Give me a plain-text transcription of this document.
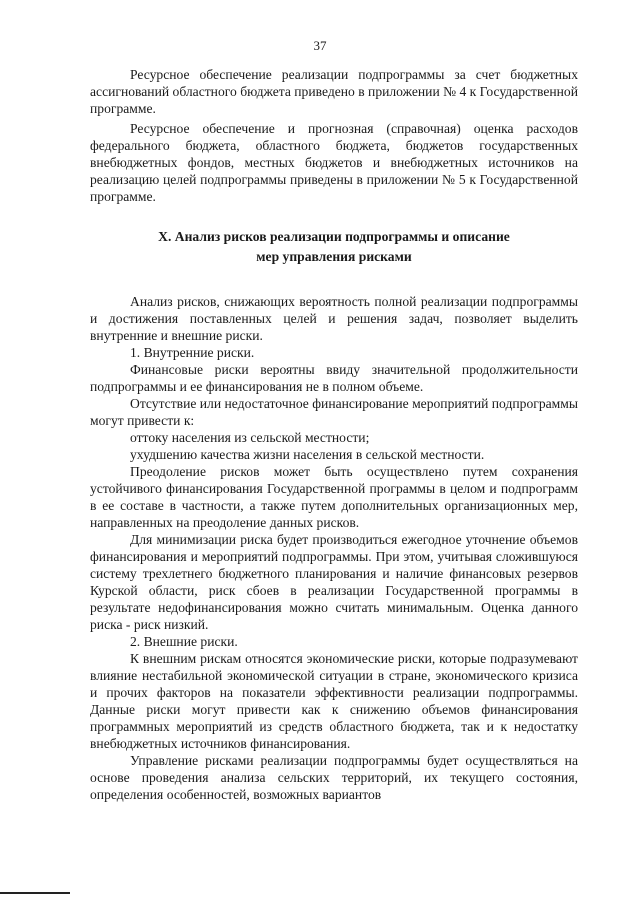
37

Ресурсное обеспечение реализации подпрограммы за счет бюджетных ассигнований областного бюджета приведено в приложении № 4 к Государственной программе.

Ресурсное обеспечение и прогнозная (справочная) оценка расходов федерального бюджета, областного бюджета, бюджетов государственных внебюджетных фондов, местных бюджетов и внебюджетных источников на реализацию целей подпрограммы приведены в приложении № 5 к Государственной программе.

X. Анализ рисков реализации подпрограммы и описание
мер управления рисками

Анализ рисков, снижающих вероятность полной реализации подпрограммы и достижения поставленных целей и решения задач, позволяет выделить внутренние и внешние риски.

1. Внутренние риски.

Финансовые риски вероятны ввиду значительной продолжительности подпрограммы и ее финансирования не в полном объеме.

Отсутствие или недостаточное финансирование мероприятий подпрограммы могут привести к:

оттоку населения из сельской местности;

ухудшению качества жизни населения в сельской местности.

Преодоление рисков может быть осуществлено путем сохранения устойчивого финансирования Государственной программы в целом и подпрограмм в ее составе в частности, а также путем дополнительных организационных мер, направленных на преодоление данных рисков.

Для минимизации риска будет производиться ежегодное уточнение объемов финансирования и мероприятий подпрограммы. При этом, учитывая сложившуюся систему трехлетнего бюджетного планирования и наличие финансовых резервов Курской области, риск сбоев в реализации Государственной программы в результате недофинансирования можно считать минимальным. Оценка данного риска - риск низкий.

2. Внешние риски.

К внешним рискам относятся экономические риски, которые подразумевают влияние нестабильной экономической ситуации в стране, экономического кризиса и прочих факторов на показатели эффективности реализации подпрограммы. Данные риски могут привести как к снижению объемов финансирования программных мероприятий из средств областного бюджета, так и к недостатку внебюджетных источников финансирования.

Управление рисками реализации подпрограммы будет осуществляться на основе проведения анализа сельских территорий, их текущего состояния, определения особенностей, возможных вариантов
